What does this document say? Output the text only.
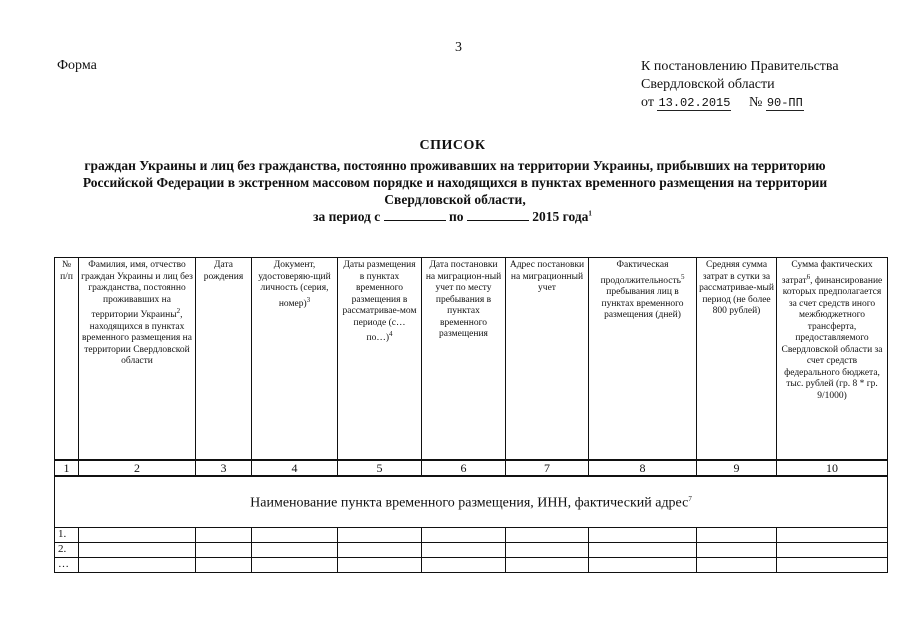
3
Форма	К постановлению Правительства
Свердловской области
от 13.02.2015 № 90-ПП
СПИСОК
граждан Украины и лиц без гражданства, постоянно проживавших на территории Украины, прибывших на территорию Российской Федерации в экстренном массовом порядке и находящихся в пунктах временного размещения на территории Свердловской области,
за период с	по	2015 года$^1$
№ п/п	Фамилия, имя, отчество граждан Украины и лиц без гражданства, постоянно проживавших на территории Украины$^2$, находящихся в пунктах временного размещения на территории Свердловской области	Дата рождения	Документ, удостоверяю-щий личность (серия, номер)$^3$	Даты размещения в пунктах временного размещения в рассматривае-мом периоде (с… по…)$^4$	Дата постановки на миграцион-ный учет по месту пребывания в пунктах временного размещения	Адрес постановки на миграционный учет	Фактическая продолжительность$^5$ пребывания лиц в пунктах временного размещения (дней)	Средняя сумма затрат в сутки за рассматривае-мый период (не более 800 рублей)	Сумма фактических затрат$^6$, финансирование которых предполагается за счет средств иного межбюджетного трансферта, предоставляемого Свердловской области за счет средств федерального бюджета, тыс. рублей (гр. 8 * гр. 9/1000)
1	2	3	4	5	6	7	8	9	10
Наименование пункта временного размещения, ИНН, фактический адрес$^7$
1.									
2.									
…									
